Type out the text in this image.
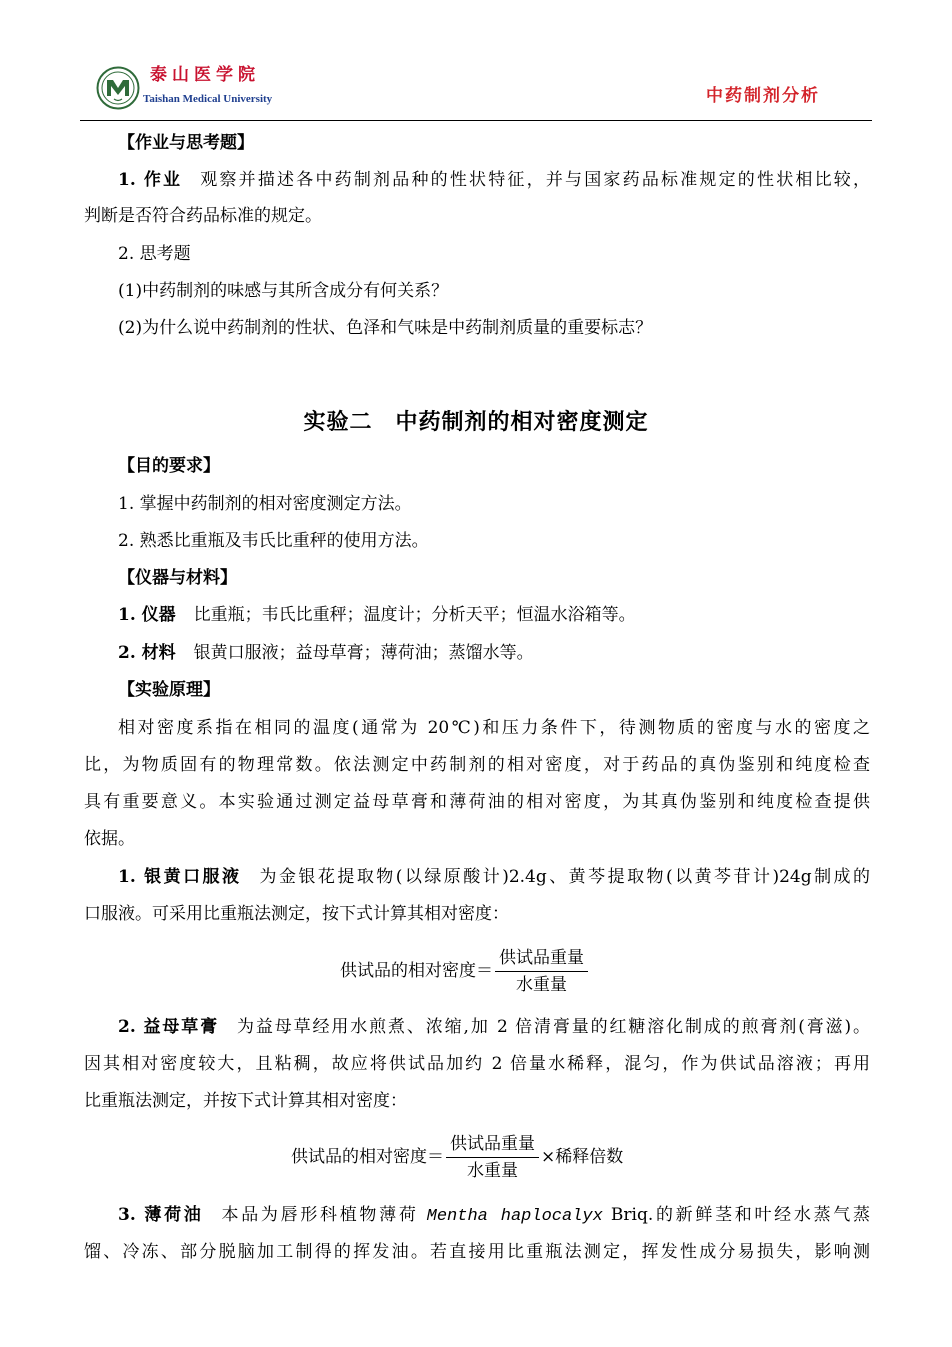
泰山医学院
Taishan Medical University	中药制剂分析
【作业与思考题】
1. 作业 观察并描述各中药制剂品种的性状特征，并与国家药品标准规定的性状相比较，
判断是否符合药品标准的规定。
2. 思考题
(1)中药制剂的味感与其所含成分有何关系？
(2)为什么说中药制剂的性状、色泽和气味是中药制剂质量的重要标志？
实验二　中药制剂的相对密度测定
【目的要求】
1. 掌握中药制剂的相对密度测定方法。
2. 熟悉比重瓶及韦氏比重秤的使用方法。
【仪器与材料】
1. 仪器 比重瓶；韦氏比重秤；温度计；分析天平；恒温水浴箱等。
2. 材料 银黄口服液；益母草膏；薄荷油；蒸馏水等。
【实验原理】
相对密度系指在相同的温度(通常为 20℃)和压力条件下，待测物质的密度与水的密度之
比，为物质固有的物理常数。依法测定中药制剂的相对密度，对于药品的真伪鉴别和纯度检查
具有重要意义。本实验通过测定益母草膏和薄荷油的相对密度，为其真伪鉴别和纯度检查提供
依据。
1. 银黄口服液 为金银花提取物(以绿原酸计)2.4g、黄芩提取物(以黄芩苷计)24g制成的
口服液。可采用比重瓶法测定，按下式计算其相对密度：
供试品的相对密度＝ $\frac{\text{供试品重量}}{\text{水重量}}$
2. 益母草膏 为益母草经用水煎煮、浓缩,加 2 倍清膏量的红糖溶化制成的煎膏剂(膏滋)。
因其相对密度较大，且粘稠，故应将供试品加约 2 倍量水稀释，混匀，作为供试品溶液；再用
比重瓶法测定，并按下式计算其相对密度：
供试品的相对密度＝ $\frac{\text{供试品重量}}{\text{水重量}}$ ×稀释倍数
3. 薄荷油 本品为唇形科植物薄荷 Mentha haplocalyx Briq.的新鲜茎和叶经水蒸气蒸
馏、冷冻、部分脱脑加工制得的挥发油。若直接用比重瓶法测定，挥发性成分易损失，影响测
